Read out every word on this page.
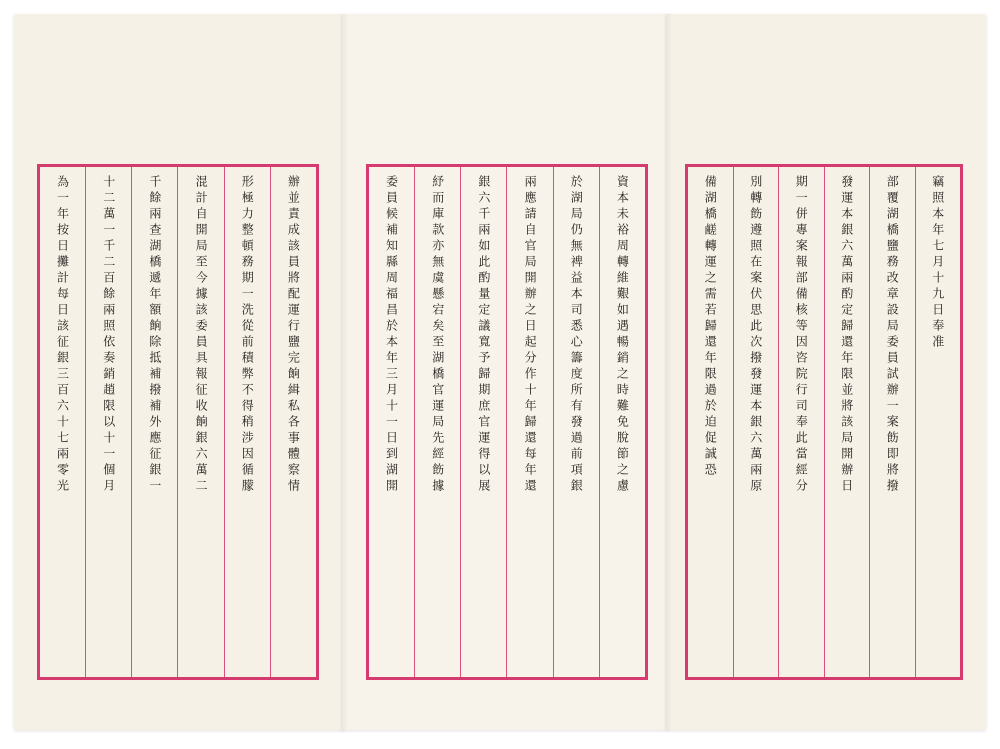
竊照本年七月十九日奉准
部覆湖橋鹽務改章設局委員試辦一案飭即將撥
發運本銀六萬兩酌定歸還年限並將該局開辦日
期一併專案報部備核等因咨院行司奉此當經分
別轉飭遵照在案伏思此次撥發運本銀六萬兩原
備湖橋鹺轉運之需若歸還年限過於迫促誠恐
資本未裕周轉維艱如遇暢銷之時難免脫節之慮
於湖局仍無裨益本司悉心籌度所有發過前項銀
兩應請自官局開辦之日起分作十年歸還每年還
銀六千兩如此酌量定議寬予歸期庶官運得以展
紓而庫款亦無虞懸宕矣至湖橋官運局先經飭據
委員候補知縣周福昌於本年三月十一日到湖開
辦並責成該員將配運行鹽完餉緝私各事體察情
形極力整頓務期一洗從前積弊不得稍涉因循朦
混計自開局至今據該委員具報征收餉銀六萬二
千餘兩查湖橋遞年額餉除抵補撥補外應征銀一
十二萬一千二百餘兩照依奏銷趙限以十一個月
為一年按日攤計每日該征銀三百六十七兩零光
